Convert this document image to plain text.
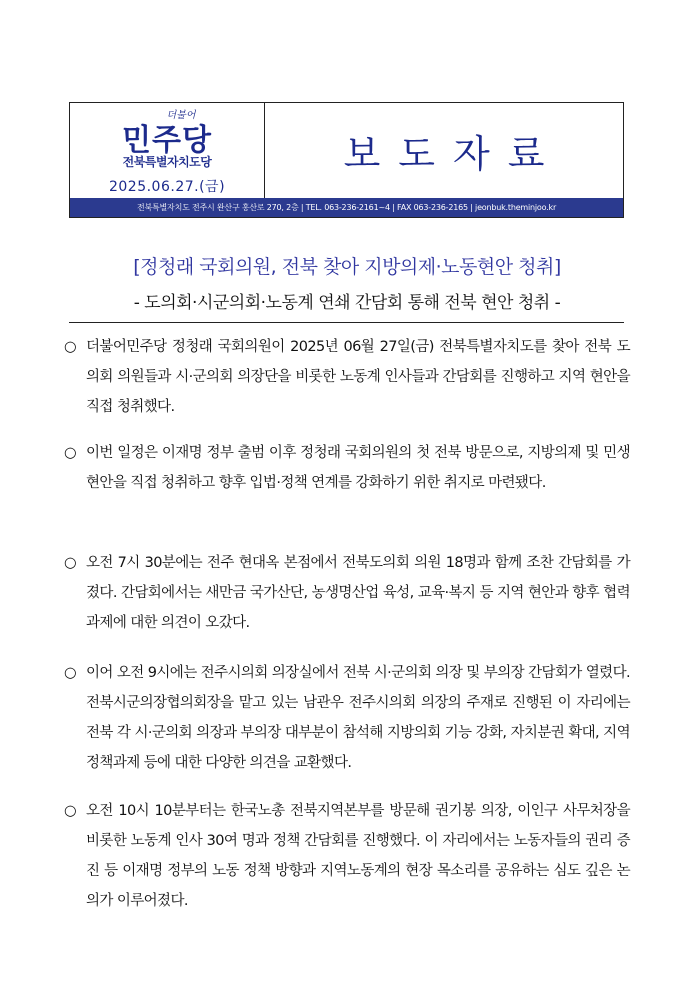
더불어
민주당
전북특별자치도당
2025.06.27.(금)
보도자료
전북특별자치도 전주시 완산구 홍산로 270, 2층 | TEL. 063-236-2161~4 | FAX 063-236-2165 | jeonbuk.theminjoo.kr
[정청래 국회의원, 전북 찾아 지방의제·노동현안 청취]
- 도의회·시군의회·노동계 연쇄 간담회 통해 전북 현안 청취 -
○ 더불어민주당 정청래 국회의원이 2025년 06월 27일(금) 전북특별자치도를 찾아 전북 도의회 의원들과 시·군의회 의장단을 비롯한 노동계 인사들과 간담회를 진행하고 지역 현안을 직접 청취했다.
○ 이번 일정은 이재명 정부 출범 이후 정청래 국회의원의 첫 전북 방문으로, 지방의제 및 민생 현안을 직접 청취하고 향후 입법·정책 연계를 강화하기 위한 취지로 마련됐다.
○ 오전 7시 30분에는 전주 현대옥 본점에서 전북도의회 의원 18명과 함께 조찬 간담회를 가졌다. 간담회에서는 새만금 국가산단, 농생명산업 육성, 교육·복지 등 지역 현안과 향후 협력과제에 대한 의견이 오갔다.
○ 이어 오전 9시에는 전주시의회 의장실에서 전북 시·군의회 의장 및 부의장 간담회가 열렸다. 전북시군의장협의회장을 맡고 있는 남관우 전주시의회 의장의 주재로 진행된 이 자리에는 전북 각 시·군의회 의장과 부의장 대부분이 참석해 지방의회 기능 강화, 자치분권 확대, 지역 정책과제 등에 대한 다양한 의견을 교환했다.
○ 오전 10시 10분부터는 한국노총 전북지역본부를 방문해 권기봉 의장, 이인구 사무처장을 비롯한 노동계 인사 30여 명과 정책 간담회를 진행했다. 이 자리에서는 노동자들의 권리 증진 등 이재명 정부의 노동 정책 방향과 지역노동계의 현장 목소리를 공유하는 심도 깊은 논의가 이루어졌다.
